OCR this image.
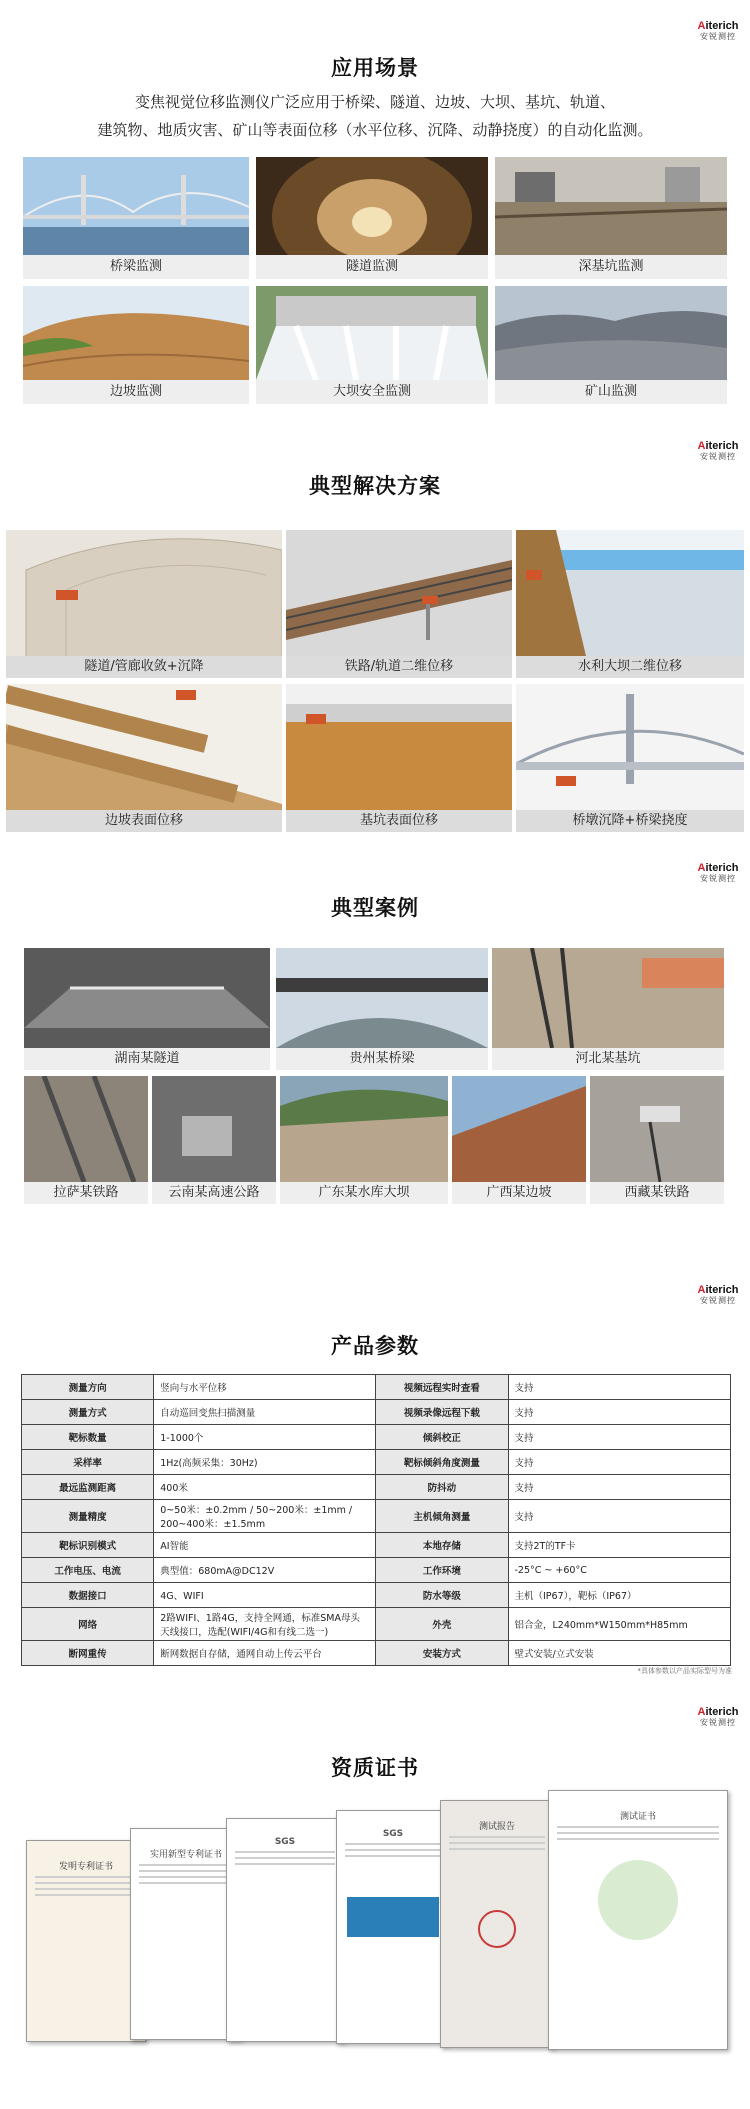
Aiterich
安锐测控
应用场景
变焦视觉位移监测仪广泛应用于桥梁、隧道、边坡、大坝、基坑、轨道、
建筑物、地质灾害、矿山等表面位移（水平位移、沉降、动静挠度）的自动化监测。
桥梁监测	隧道监测	深基坑监测
边坡监测	大坝安全监测	矿山监测
Aiterich
安锐测控
典型解决方案
隧道/管廊收敛+沉降	铁路/轨道二维位移	水利大坝二维位移
边坡表面位移	基坑表面位移	桥墩沉降+桥梁挠度
Aiterich
安锐测控
典型案例
湖南某隧道	贵州某桥梁	河北某基坑
拉萨某铁路	云南某高速公路	广东某水库大坝	广西某边坡	西藏某铁路
Aiterich
安锐测控
产品参数
测量方向	竖向与水平位移	视频远程实时查看	支持
测量方式	自动巡回变焦扫描测量	视频录像远程下载	支持
靶标数量	1-1000个	倾斜校正	支持
采样率	1Hz(高频采集：30Hz)	靶标倾斜角度测量	支持
最远监测距离	400米	防抖动	支持
测量精度	0~50米：±0.2mm / 50~200米：±1mm / 200~400米：±1.5mm	主机倾角测量	支持
靶标识别模式	AI智能	本地存储	支持2T的TF卡
工作电压、电流	典型值：680mA@DC12V	工作环境	-25°C ~ +60°C
数据接口	4G、WIFI	防水等级	主机（IP67），靶标（IP67）
网络	2路WIFI、1路4G，支持全网通，标准SMA母头天线接口，选配(WIFI/4G和有线二选一)	外壳	铝合金，L240mm*W150mm*H85mm
断网重传	断网数据自存储，通网自动上传云平台	安装方式	壁式安装/立式安装
*具体参数以产品实际型号为准
Aiterich
安锐测控
资质证书
发明专利证书
实用新型专利证书
SGS
SGS
测试报告
测试证书
